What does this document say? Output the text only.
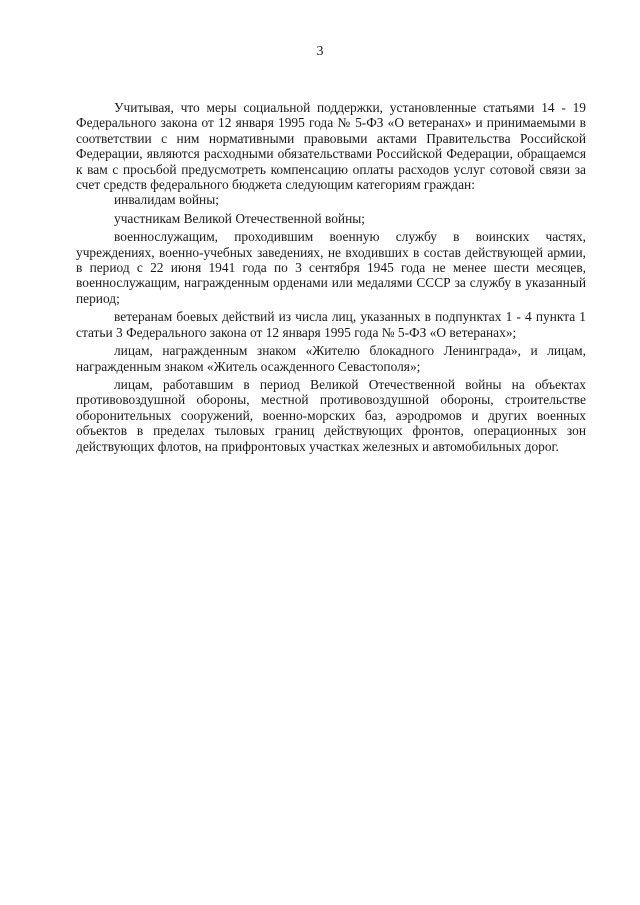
3

Учитывая, что меры социальной поддержки, установленные статьями 14 - 19 Федерального закона от 12 января 1995 года № 5-ФЗ «О ветеранах» и принимаемыми в соответствии с ним нормативными правовыми актами Правительства Российской Федерации, являются расходными обязательствами Российской Федерации, обращаемся к вам с просьбой предусмотреть компенсацию оплаты расходов услуг сотовой связи за счет средств федерального бюджета следующим категориям граждан:

инвалидам войны;

участникам Великой Отечественной войны;

военнослужащим, проходившим военную службу в воинских частях, учреждениях, военно-учебных заведениях, не входивших в состав действующей армии, в период с 22 июня 1941 года по 3 сентября 1945 года не менее шести месяцев, военнослужащим, награжденным орденами или медалями СССР за службу в указанный период;

ветеранам боевых действий из числа лиц, указанных в подпунктах 1 - 4 пункта 1 статьи 3 Федерального закона от 12 января 1995 года № 5-ФЗ «О ветеранах»;

лицам, награжденным знаком «Жителю блокадного Ленинграда», и лицам, награжденным знаком «Житель осажденного Севастополя»;

лицам, работавшим в период Великой Отечественной войны на объектах противовоздушной обороны, местной противовоздушной обороны, строительстве оборонительных сооружений, военно-морских баз, аэродромов и других военных объектов в пределах тыловых границ действующих фронтов, операционных зон действующих флотов, на прифронтовых участках железных и автомобильных дорог.
